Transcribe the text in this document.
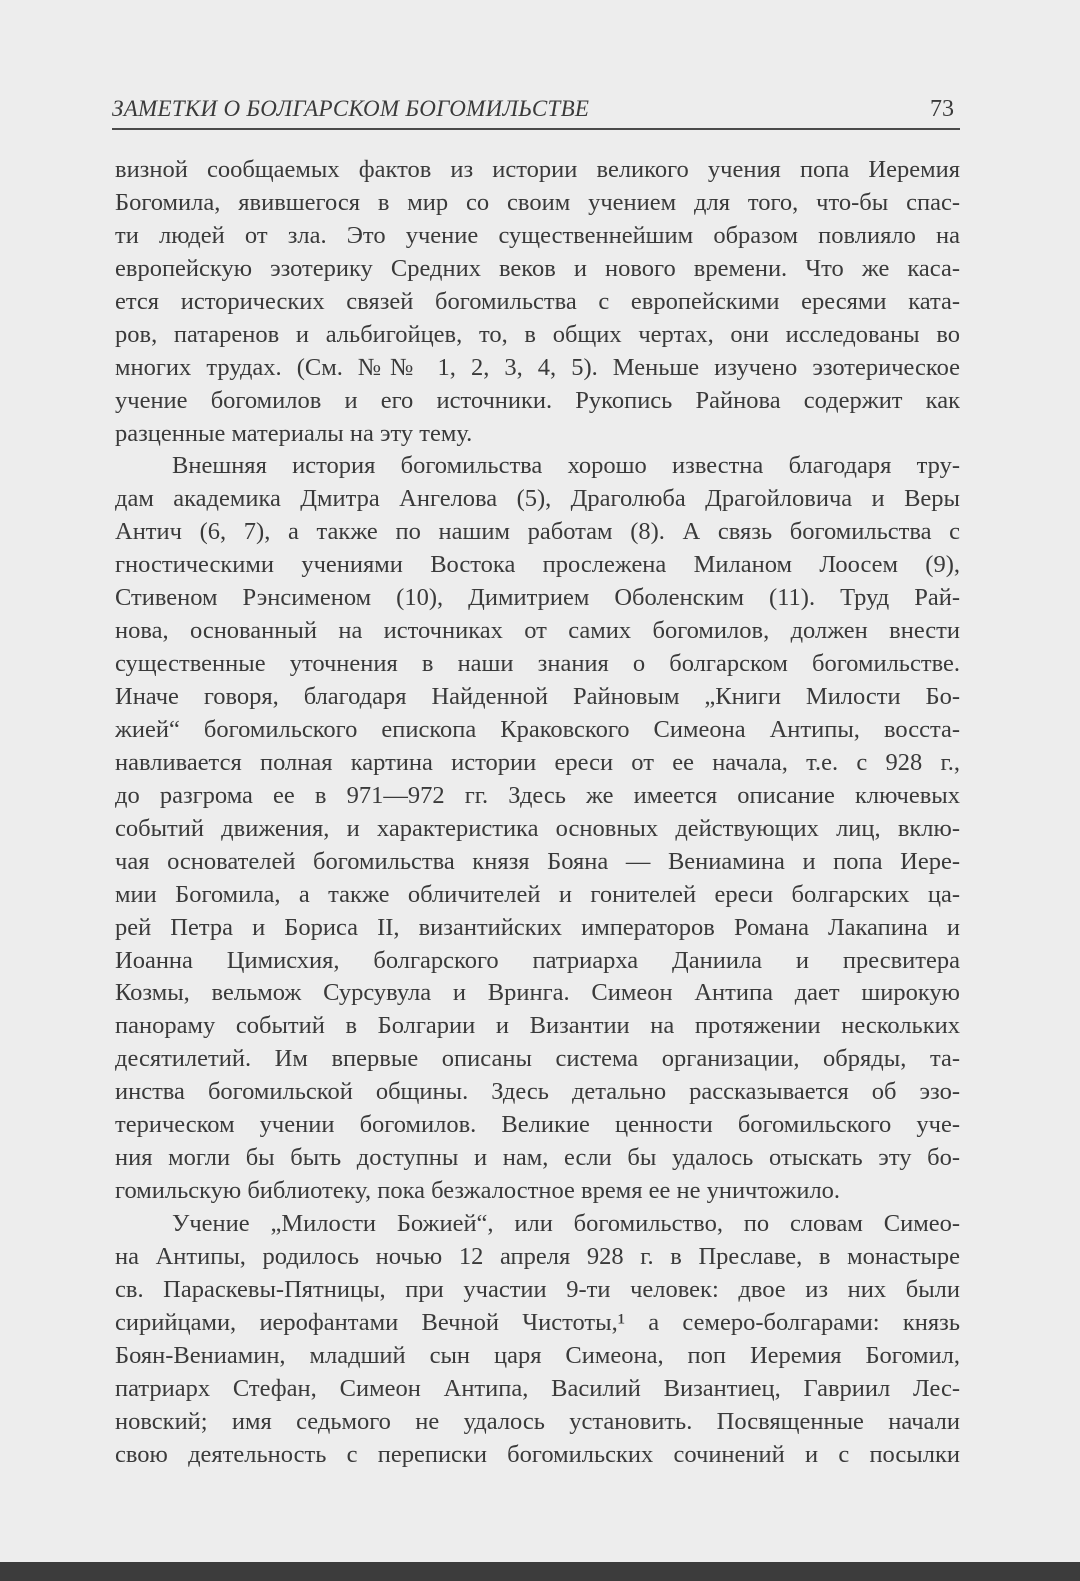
ЗАМЕТКИ О БОЛГАРСКОМ БОГОМИЛЬСТВЕ	73
визной сообщаемых фактов из истории великого учения попа Иеремия
Богомила, явившегося в мир со своим учением для того, что-бы спас-
ти людей от зла. Это учение существеннейшим образом повлияло на
европейскую эзотерику Средних веков и нового времени. Что же каса-
ется исторических связей богомильства с европейскими ересями ката-
ров, патаренов и альбигойцев, то, в общих чертах, они исследованы во
многих трудах. (См. №№ 1, 2, 3, 4, 5). Меньше изучено эзотерическое
учение богомилов и его источники. Рукопись Райнова содержит как
разценные материалы на эту тему.
Внешняя история богомильства хорошо известна благодаря тру-
дам академика Дмитра Ангелова (5), Драголюба Драгойловича и Веры
Антич (6, 7), а также по нашим работам (8). А связь богомильства с
гностическими учениями Востока прослежена Миланом Лоосем (9),
Стивеном Рэнсименом (10), Димитрием Оболенским (11). Труд Рай-
нова, основанный на источниках от самих богомилов, должен внести
существенные уточнения в наши знания о болгарском богомильстве.
Иначе говоря, благодаря Найденной Райновым „Книги Милости Бо-
жией“ богомильского епископа Краковского Симеона Антипы, восста-
навливается полная картина истории ереси от ее начала, т.е. с 928 г.,
до разгрома ее в 971—972 гг. Здесь же имеется описание ключевых
событий движения, и характеристика основных действующих лиц, вклю-
чая основателей богомильства князя Бояна — Вениамина и попа Иере-
мии Богомила, а также обличителей и гонителей ереси болгарских ца-
рей Петра и Бориса II, византийских императоров Романа Лакапина и
Иоанна Цимисхия, болгарского патриарха Даниила и пресвитера
Козмы, вельмож Сурсувула и Вринга. Симеон Антипа дает широкую
панораму событий в Болгарии и Византии на протяжении нескольких
десятилетий. Им впервые описаны система организации, обряды, та-
инства богомильской общины. Здесь детально рассказывается об эзо-
терическом учении богомилов. Великие ценности богомильского уче-
ния могли бы быть доступны и нам, если бы удалось отыскать эту бо-
гомильскую библиотеку, пока безжалостное время ее не уничтожило.
Учение „Милости Божией“, или богомильство, по словам Симео-
на Антипы, родилось ночью 12 апреля 928 г. в Преславе, в монастыре
св. Параскевы-Пятницы, при участии 9-ти человек: двое из них были
сирийцами, иерофантами Вечной Чистоты,¹ а семеро-болгарами: князь
Боян-Вениамин, младший сын царя Симеона, поп Иеремия Богомил,
патриарх Стефан, Симеон Антипа, Василий Византиец, Гавриил Лес-
новский; имя седьмого не удалось установить. Посвященные начали
свою деятельность с переписки богомильских сочинений и с посылки
